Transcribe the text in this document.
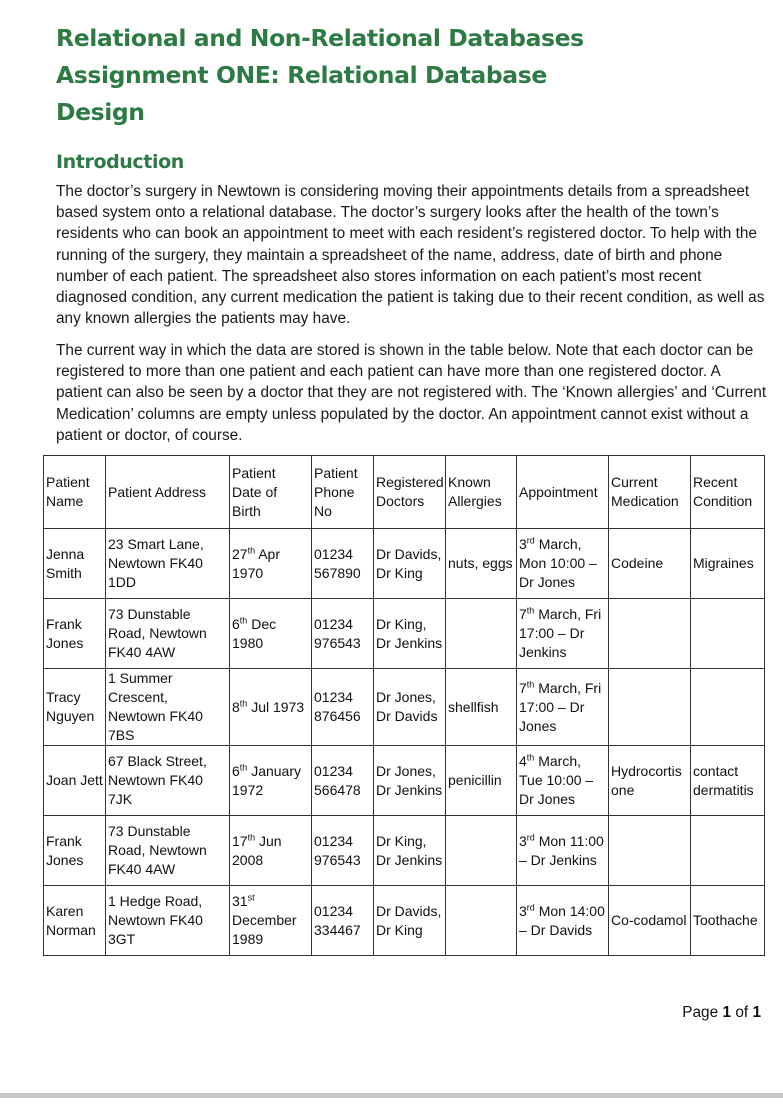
Relational and Non-Relational Databases
Assignment ONE: Relational Database
Design
Introduction

The doctor’s surgery in Newtown is considering moving their appointments details from a spreadsheet based system onto a relational database. The doctor’s surgery looks after the health of the town’s residents who can book an appointment to meet with each resident’s registered doctor. To help with the running of the surgery, they maintain a spreadsheet of the name, address, date of birth and phone number of each patient. The spreadsheet also stores information on each patient’s most recent diagnosed condition, any current medication the patient is taking due to their recent condition, as well as any known allergies the patients may have.

The current way in which the data are stored is shown in the table below. Note that each doctor can be registered to more than one patient and each patient can have more than one registered doctor. A patient can also be seen by a doctor that they are not registered with. The ‘Known allergies’ and ‘Current Medication’ columns are empty unless populated by the doctor. An appointment cannot exist without a patient or doctor, of course.

Patient Name	Patient Address	Patient Date of Birth	Patient Phone No	Registered Doctors	Known Allergies	Appointment	Current Medication	Recent Condition
Jenna Smith	23 Smart Lane, Newtown FK40 1DD	27th Apr 1970	01234 567890	Dr Davids, Dr King	nuts, eggs	3rd March, Mon 10:00 – Dr Jones	Codeine	Migraines
Frank Jones	73 Dunstable Road, Newtown FK40 4AW	6th Dec 1980	01234 976543	Dr King, Dr Jenkins		7th March, Fri 17:00 – Dr Jenkins		
Tracy Nguyen	1 Summer Crescent, Newtown FK40 7BS	8th Jul 1973	01234 876456	Dr Jones, Dr Davids	shellfish	7th March, Fri 17:00 – Dr Jones		
Joan Jett	67 Black Street, Newtown FK40 7JK	6th January 1972	01234 566478	Dr Jones, Dr Jenkins	penicillin	4th March, Tue 10:00 – Dr Jones	Hydrocortis one	contact dermatitis
Frank Jones	73 Dunstable Road, Newtown FK40 4AW	17th Jun 2008	01234 976543	Dr King, Dr Jenkins		3rd Mon 11:00 – Dr Jenkins		
Karen Norman	1 Hedge Road, Newtown FK40 3GT	31st December 1989	01234 334467	Dr Davids, Dr King		3rd Mon 14:00 – Dr Davids	Co-codamol	Toothache
Page 1 of 1
